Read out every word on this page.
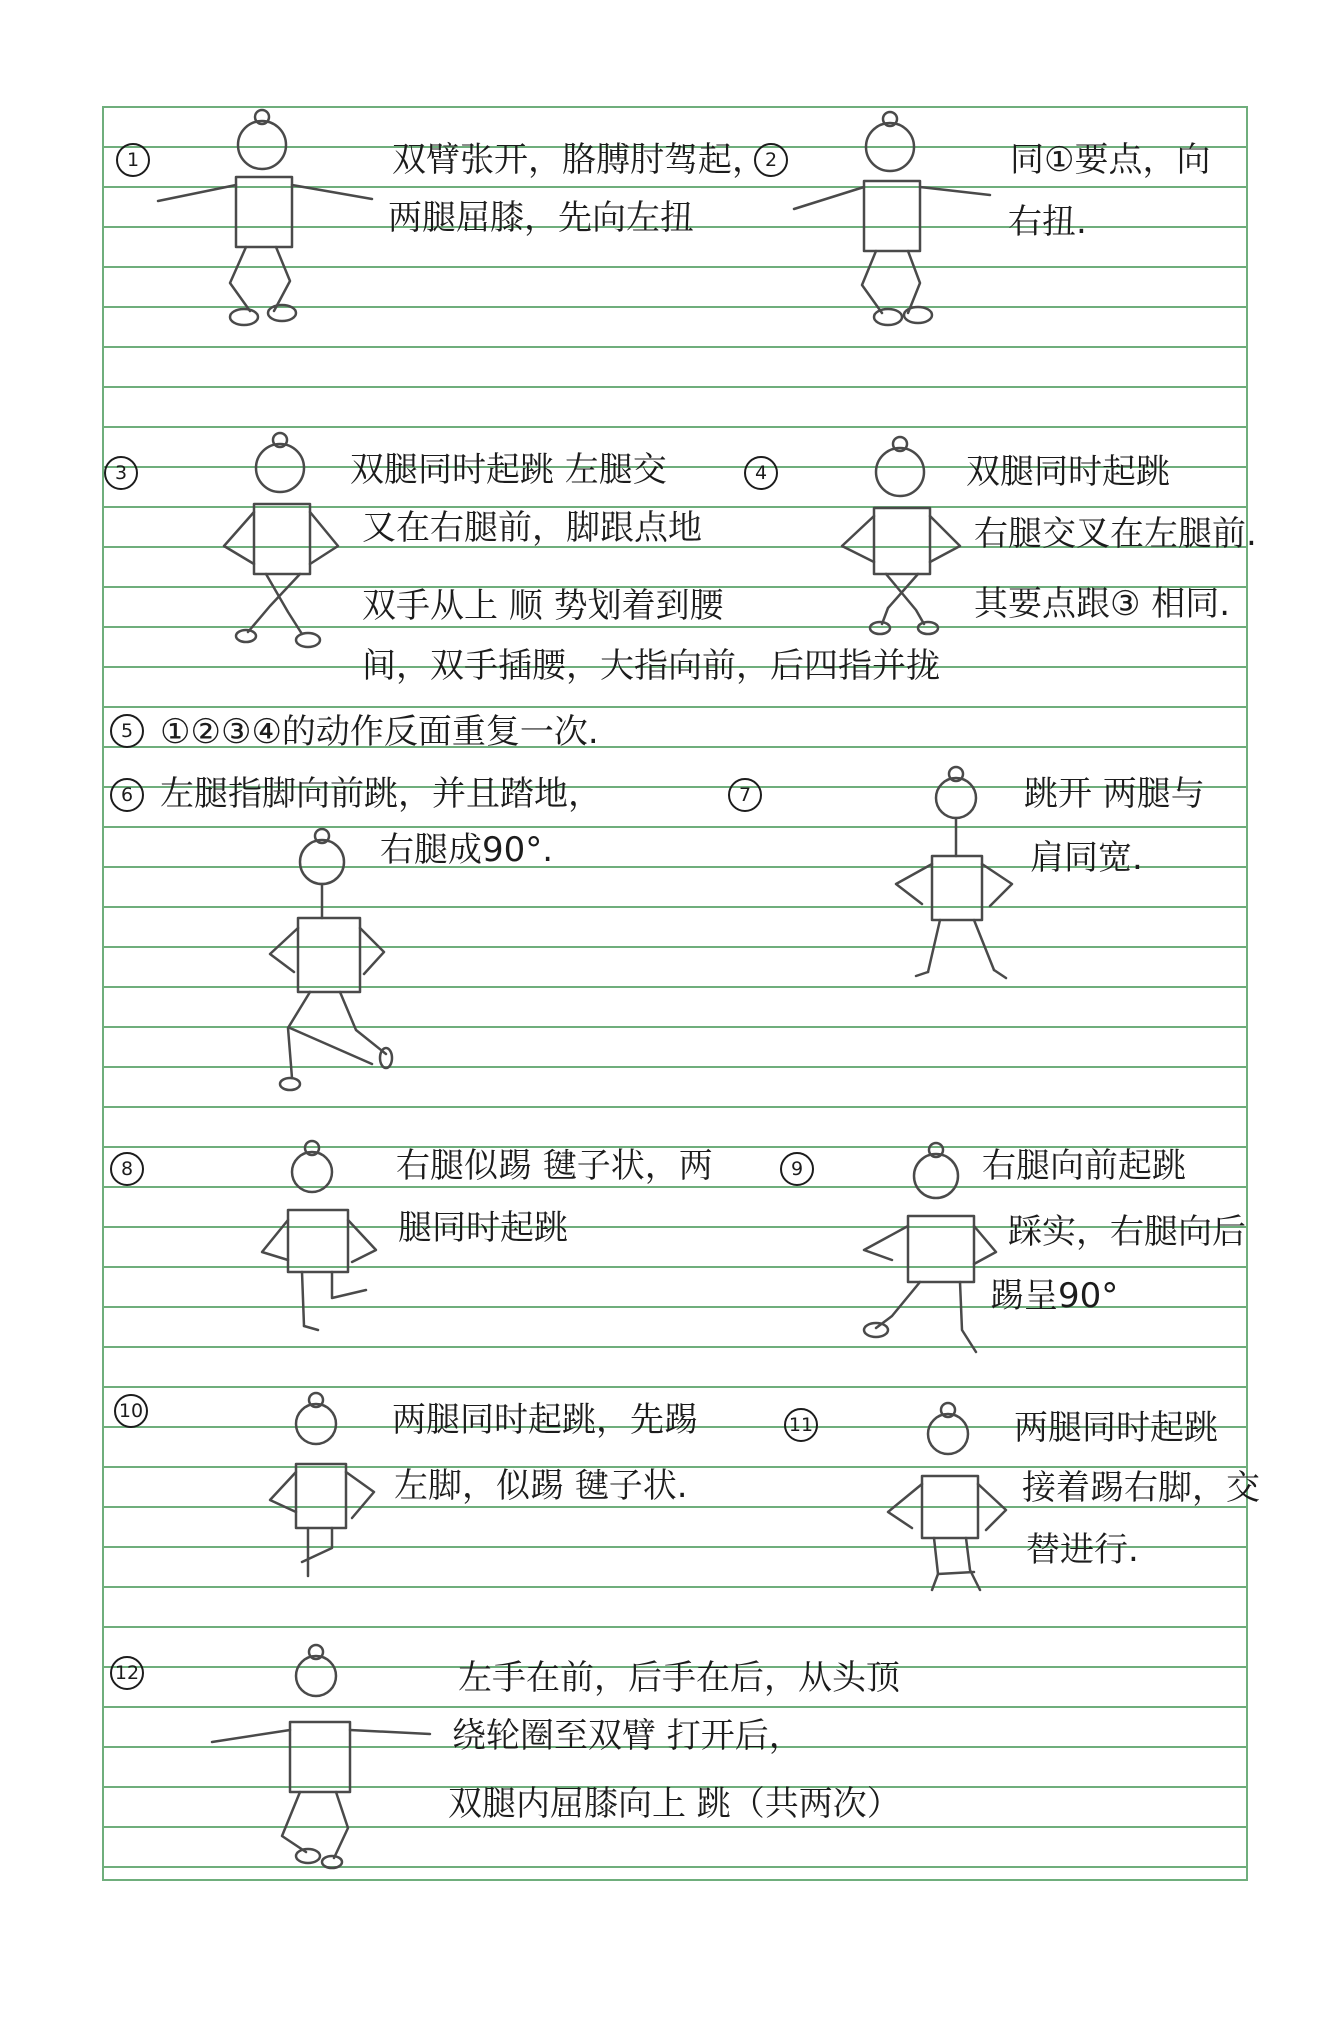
1	双臂张开，胳膊肘驾起，
两腿屈膝，先向左扭
2	同①要点，向
右扭.
3	双腿同时起跳 左腿交
又在右腿前，脚跟点地
双手从上 顺 势划着到腰
间，双手插腰，大指向前，后四指并拢
4	双腿同时起跳
右腿交叉在左腿前.
其要点跟③ 相同.
5 ①②③④的动作反面重复一次.
6 左腿指脚向前跳，并且踏地，
右腿成90°.
7	跳开 两腿与
肩同宽.
8	右腿似踢 毽子状，两
腿同时起跳
9	右腿向前起跳
踩实，右腿向后
踢呈90°
10	两腿同时起跳，先踢
左脚，似踢 毽子状.
11	两腿同时起跳
接着踢右脚，交
替进行.
12	左手在前，后手在后，从头顶
绕轮圈至双臂 打开后，
双腿内屈膝向上 跳（共两次）
